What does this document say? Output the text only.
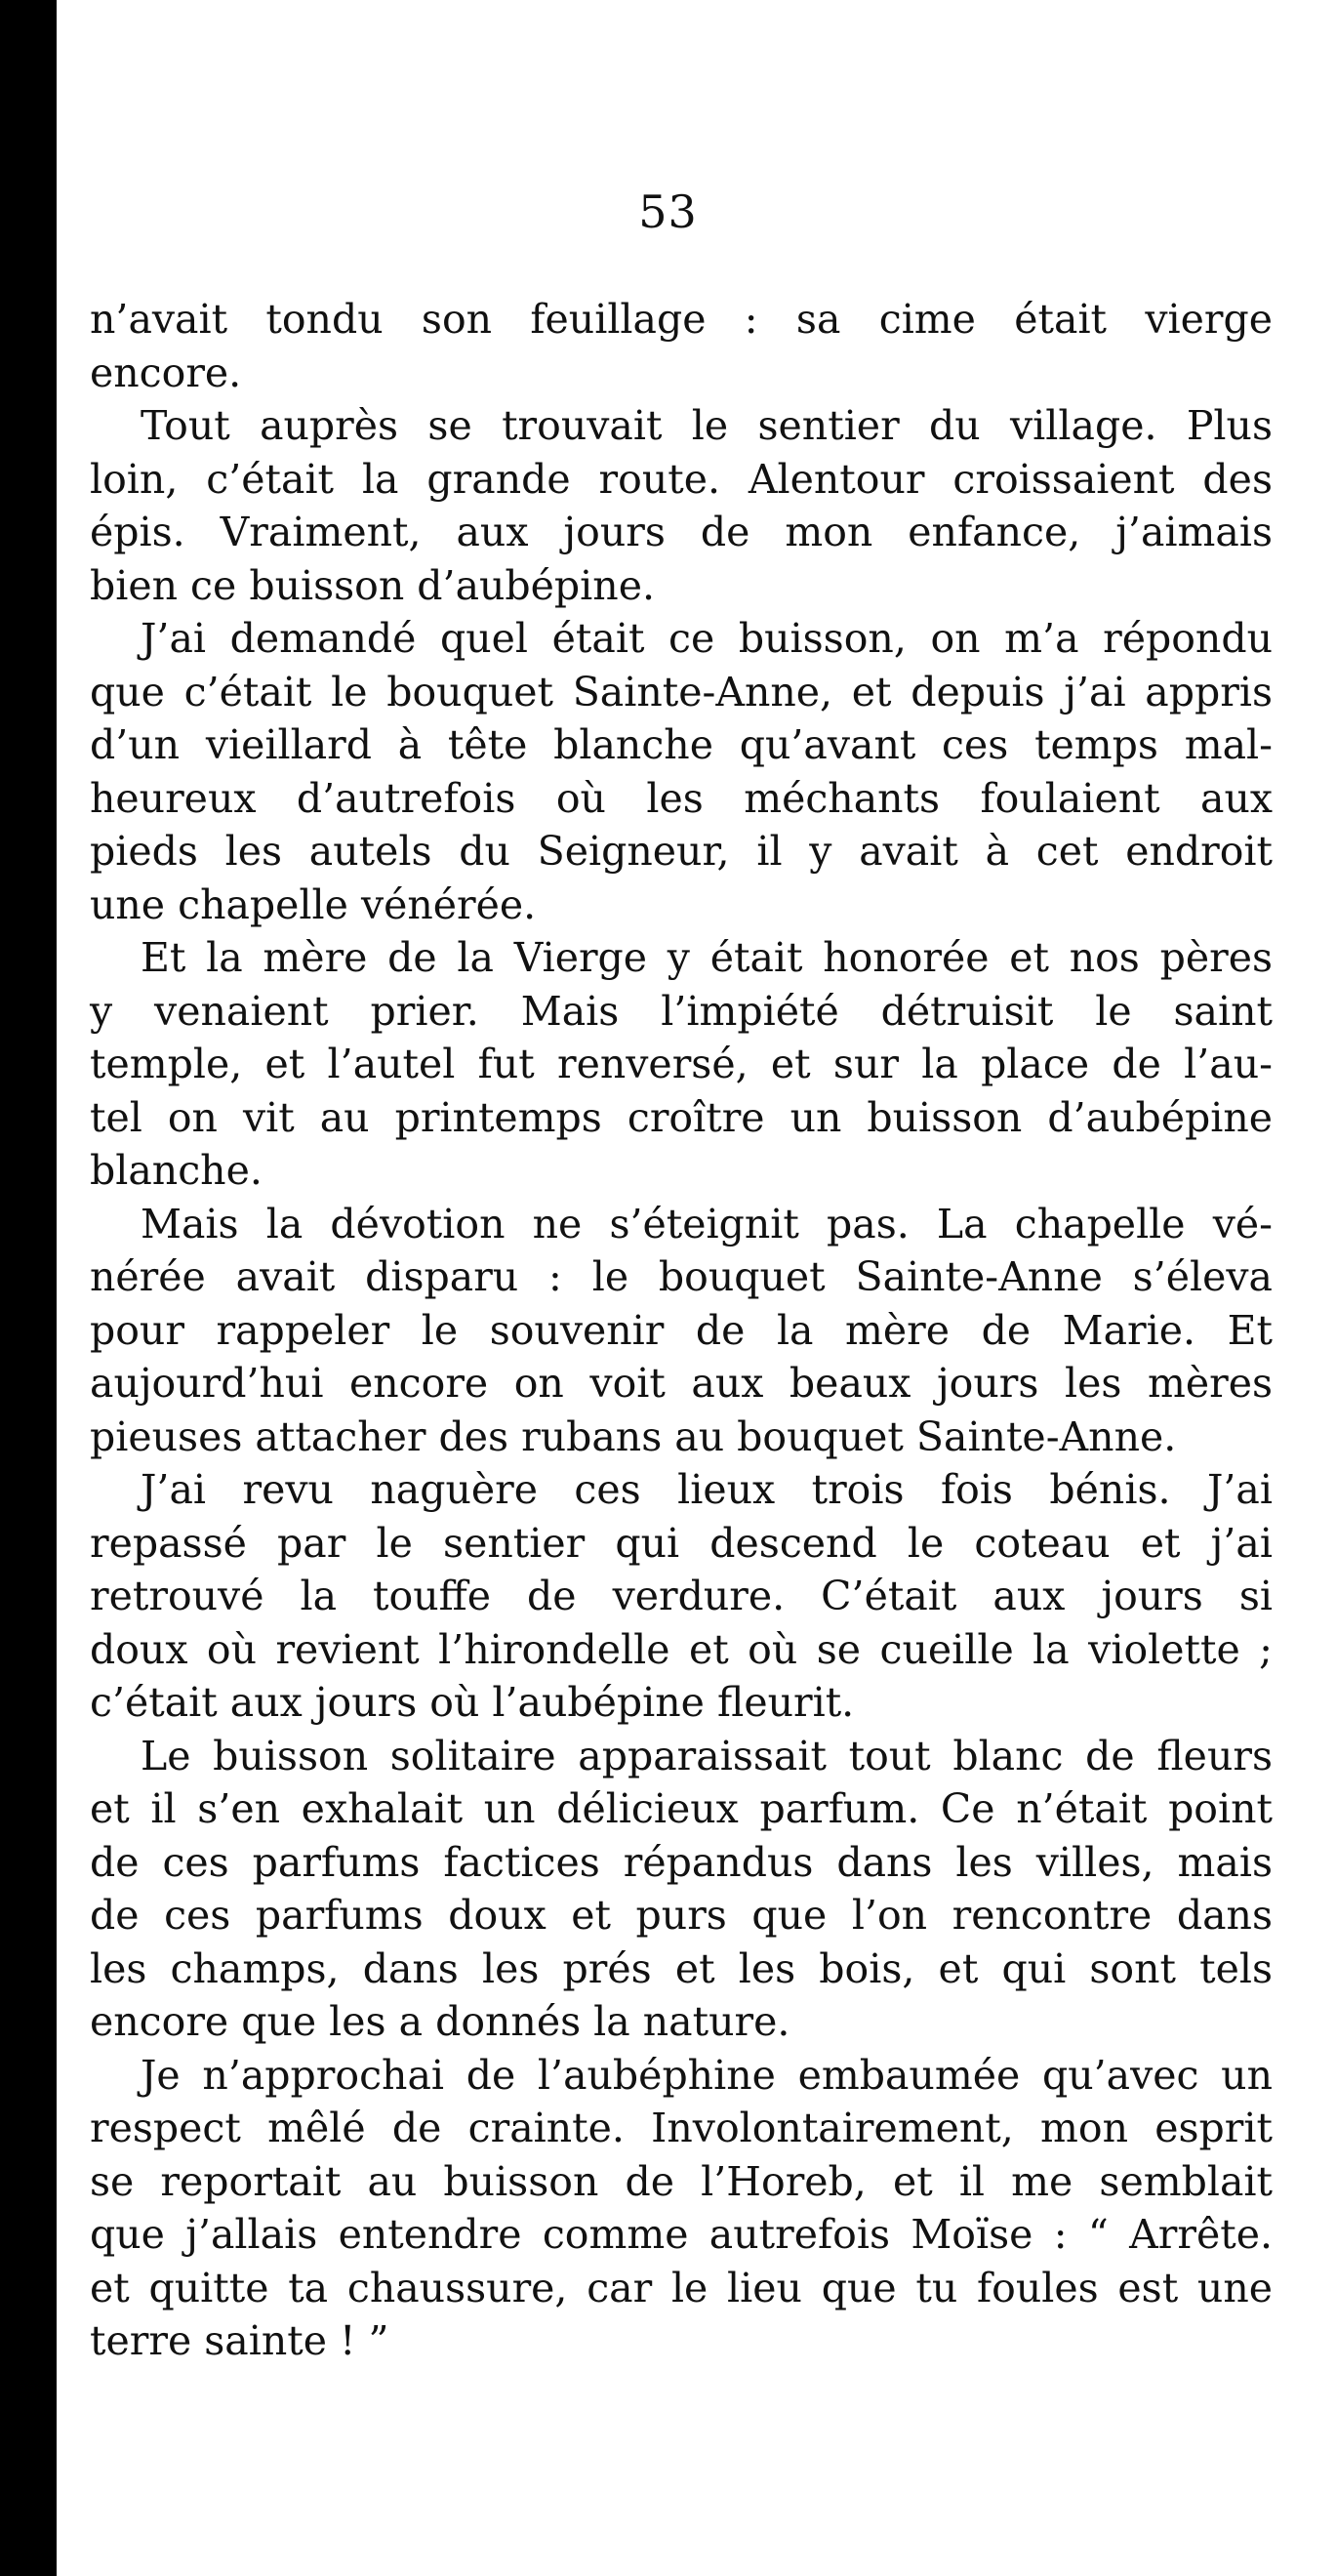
53
n’avait tondu son feuillage : sa cime était vierge
encore.
Tout auprès se trouvait le sentier du village. Plus
loin, c’était la grande route. Alentour croissaient des
épis. Vraiment, aux jours de mon enfance, j’aimais
bien ce buisson d’aubépine.
J’ai demandé quel était ce buisson, on m’a répondu
que c’était le bouquet Sainte-Anne, et depuis j’ai appris
d’un vieillard à tête blanche qu’avant ces temps mal-
heureux d’autrefois où les méchants foulaient aux
pieds les autels du Seigneur, il y avait à cet endroit
une chapelle vénérée.
Et la mère de la Vierge y était honorée et nos pères
y venaient prier. Mais l’impiété détruisit le saint
temple, et l’autel fut renversé, et sur la place de l’au-
tel on vit au printemps croître un buisson d’aubépine
blanche.
Mais la dévotion ne s’éteignit pas. La chapelle vé-
nérée avait disparu : le bouquet Sainte-Anne s’éleva
pour rappeler le souvenir de la mère de Marie. Et
aujourd’hui encore on voit aux beaux jours les mères
pieuses attacher des rubans au bouquet Sainte-Anne.
J’ai revu naguère ces lieux trois fois bénis. J’ai
repassé par le sentier qui descend le coteau et j’ai
retrouvé la touffe de verdure. C’était aux jours si
doux où revient l’hirondelle et où se cueille la violette ;
c’était aux jours où l’aubépine fleurit.
Le buisson solitaire apparaissait tout blanc de fleurs
et il s’en exhalait un délicieux parfum. Ce n’était point
de ces parfums factices répandus dans les villes, mais
de ces parfums doux et purs que l’on rencontre dans
les champs, dans les prés et les bois, et qui sont tels
encore que les a donnés la nature.
Je n’approchai de l’aubéphine embaumée qu’avec un
respect mêlé de crainte. Involontairement, mon esprit
se reportait au buisson de l’Horeb, et il me semblait
que j’allais entendre comme autrefois Moïse : “ Arrête.
et quitte ta chaussure, car le lieu que tu foules est une
terre sainte ! ”
